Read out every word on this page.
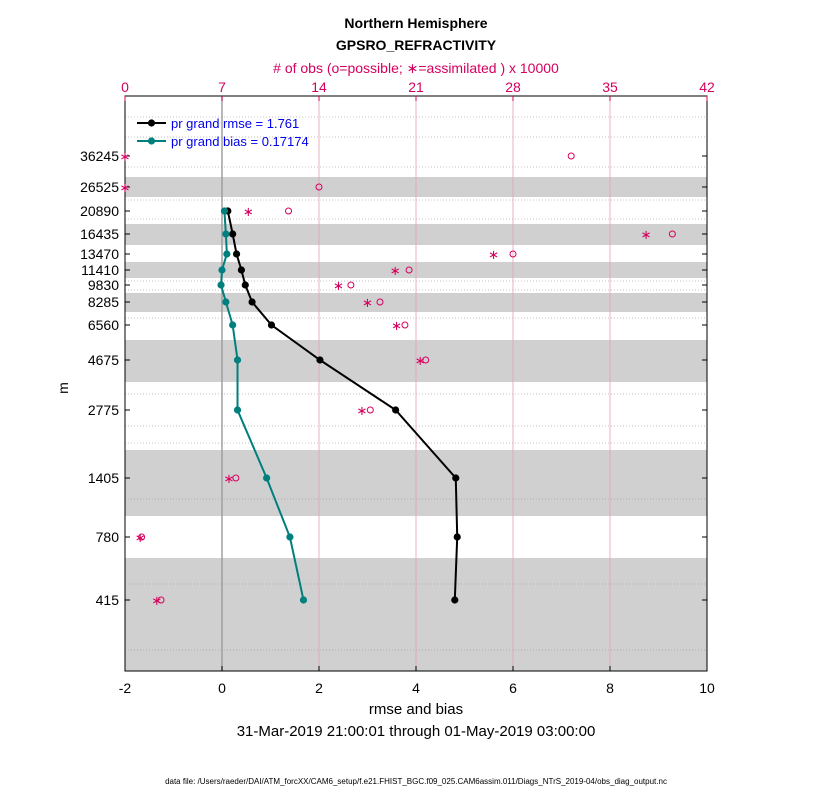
-2	0	2	4	6	8	10
0	7	14	21	28	35	42
36245
26525
20890
16435
13470
11410
9830
8285
6560
4675
2775
1405
780
415
∗
∗
∗
∗
∗
∗
∗
∗
∗
∗
∗
∗
∗
∗
pr grand rmse = 1.761
pr grand bias = 0.17174
Northern Hemisphere
GPSRO_REFRACTIVITY
# of obs (o=possible; ∗=assimilated ) x 10000
rmse and bias
31-Mar-2019 21:00:01 through 01-May-2019 03:00:00
data file: /Users/raeder/DAI/ATM_forcXX/CAM6_setup/f.e21.FHIST_BGC.f09_025.CAM6assim.011/Diags_NTrS_2019-04/obs_diag_output.nc
m
